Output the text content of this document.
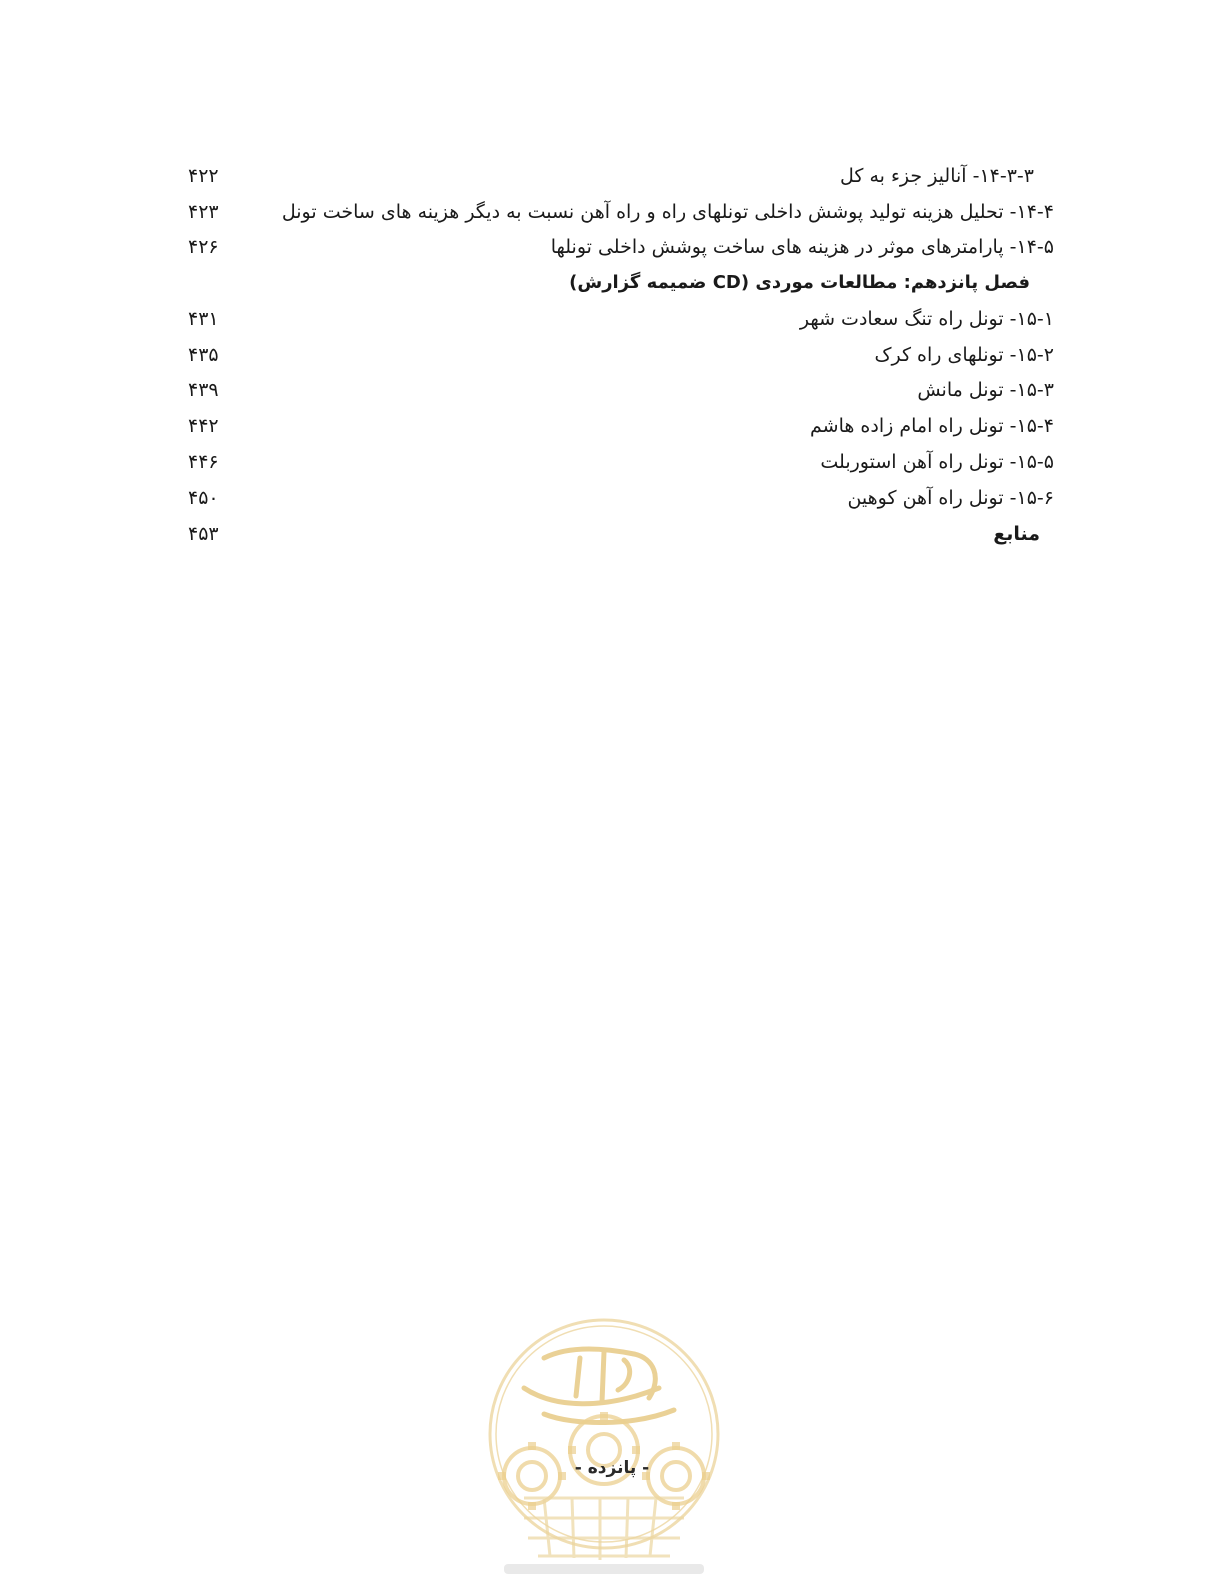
۱۴-۳-۳- آنالیز جزء به کل
۴۲۲
۱۴-۴- تحلیل هزینه تولید پوشش داخلی تونلهای راه و راه آهن نسبت به دیگر هزینه های ساخت تونل
۴۲۳
۱۴-۵- پارامترهای موثر در هزینه های ساخت پوشش داخلی تونلها
۴۲۶
فصل پانزدهم: مطالعات موردی (CD ضمیمه گزارش)
۱۵-۱- تونل راه تنگ سعادت شهر
۴۳۱
۱۵-۲- تونلهای راه کرک
۴۳۵
۱۵-۳- تونل مانش
۴۳۹
۱۵-۴- تونل راه امام زاده هاشم
۴۴۲
۱۵-۵- تونل راه آهن استوربلت
۴۴۶
۱۵-۶- تونل راه آهن کوهین
۴۵۰
منابع
۴۵۳
- پانزده -
